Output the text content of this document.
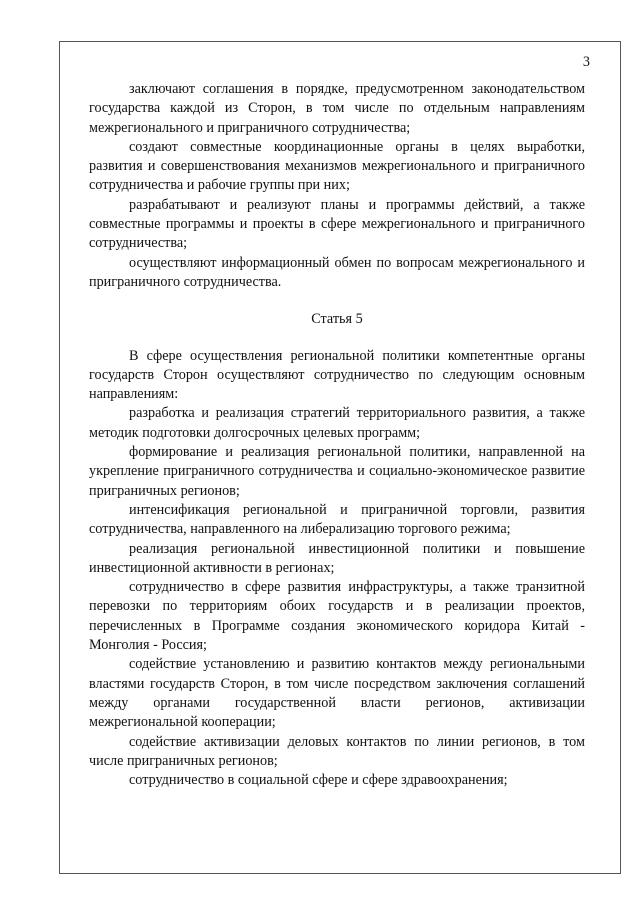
3

заключают соглашения в порядке, предусмотренном законодательством государства каждой из Сторон, в том числе по отдельным направлениям межрегионального и приграничного сотрудничества;

создают совместные координационные органы в целях выработки, развития и совершенствования механизмов межрегионального и приграничного сотрудничества и рабочие группы при них;

разрабатывают и реализуют планы и программы действий, а также совместные программы и проекты в сфере межрегионального и приграничного сотрудничества;

осуществляют информационный обмен по вопросам межрегионального и приграничного сотрудничества.

Статья 5

В сфере осуществления региональной политики компетентные органы государств Сторон осуществляют сотрудничество по следующим основным направлениям:

разработка и реализация стратегий территориального развития, а также методик подготовки долгосрочных целевых программ;

формирование и реализация региональной политики, направленной на укрепление приграничного сотрудничества и социально-экономическое развитие приграничных регионов;

интенсификация региональной и приграничной торговли, развития сотрудничества, направленного на либерализацию торгового режима;

реализация региональной инвестиционной политики и повышение инвестиционной активности в регионах;

сотрудничество в сфере развития инфраструктуры, а также транзитной перевозки по территориям обоих государств и в реализации проектов, перечисленных в Программе создания экономического коридора Китай - Монголия - Россия;

содействие установлению и развитию контактов между региональными властями государств Сторон, в том числе посредством заключения соглашений между органами государственной власти регионов, активизации межрегиональной кооперации;

содействие активизации деловых контактов по линии регионов, в том числе приграничных регионов;

сотрудничество в социальной сфере и сфере здравоохранения;
